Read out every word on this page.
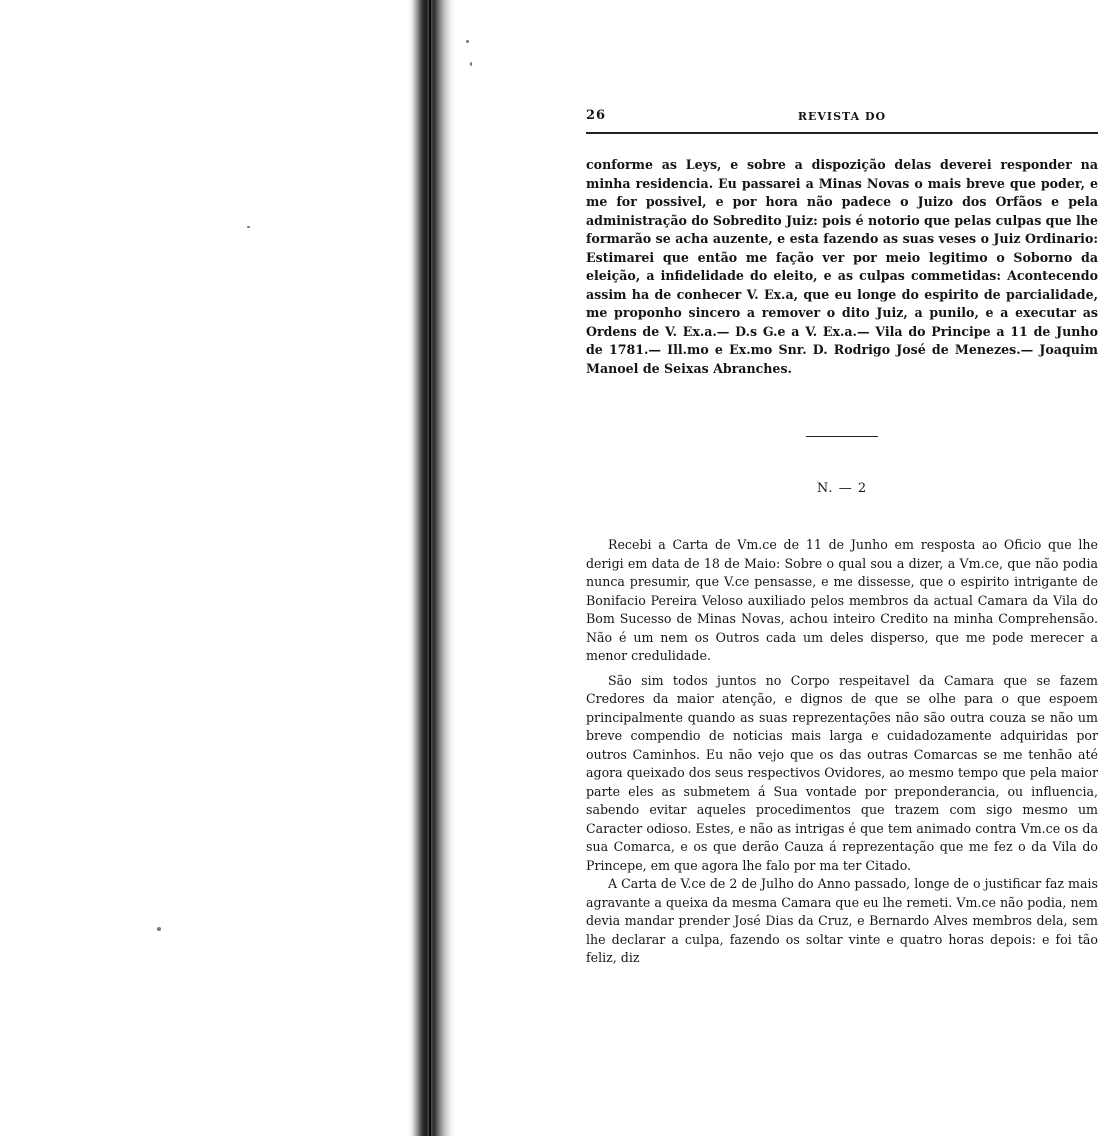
26	REVISTA DO

conforme as Leys, e sobre a dispozição delas deverei responder na minha residencia. Eu passarei a Minas Novas o mais breve que poder, e me for possivel, e por hora não padece o Juizo dos Orfãos e pela administração do Sobredito Juiz: pois é notorio que pelas culpas que lhe formarão se acha auzente, e esta fazendo as suas veses o Juiz Ordinario: Estimarei que então me fação ver por meio legitimo o Soborno da eleição, a infidelidade do eleito, e as culpas commetidas: Acontecendo assim ha de conhecer V. Ex.a, que eu longe do espirito de parcialidade, me proponho sincero a remover o dito Juiz, a punilo, e a executar as Ordens de V. Ex.a.— D.s G.e a V. Ex.a.— Vila do Principe a 11 de Junho de 1781.— Ill.mo e Ex.mo Snr. D. Rodrigo José de Menezes.— Joaquim Manoel de Seixas Abranches.

N. — 2

Recebi a Carta de Vm.ce de 11 de Junho em resposta ao Oficio que lhe derigi em data de 18 de Maio: Sobre o qual sou a dizer, a Vm.ce, que não podia nunca presumir, que V.ce pensasse, e me dissesse, que o espirito intrigante de Bonifacio Pereira Veloso auxiliado pelos membros da actual Camara da Vila do Bom Sucesso de Minas Novas, achou inteiro Credito na minha Comprehensão. Não é um nem os Outros cada um deles disperso, que me pode merecer a menor credulidade.

São sim todos juntos no Corpo respeitavel da Camara que se fazem Credores da maior atenção, e dignos de que se olhe para o que espoem principalmente quando as suas reprezentações não são outra couza se não um breve compendio de noticias mais larga e cuidadozamente adquiridas por outros Caminhos. Eu não vejo que os das outras Comarcas se me tenhão até agora queixado dos seus respectivos Ovidores, ao mesmo tempo que pela maior parte eles as submetem á Sua vontade por preponderancia, ou influencia, sabendo evitar aqueles procedimentos que trazem com sigo mesmo um Caracter odioso. Estes, e não as intrigas é que tem animado contra Vm.ce os da sua Comarca, e os que derão Cauza á reprezentação que me fez o da Vila do Princepe, em que agora lhe falo por ma ter Citado.

A Carta de V.ce de 2 de Julho do Anno passado, longe de o justificar faz mais agravante a queixa da mesma Camara que eu lhe remeti. Vm.ce não podia, nem devia mandar prender José Dias da Cruz, e Bernardo Alves membros dela, sem lhe declarar a culpa, fazendo os soltar vinte e quatro horas depois: e foi tão feliz, diz
